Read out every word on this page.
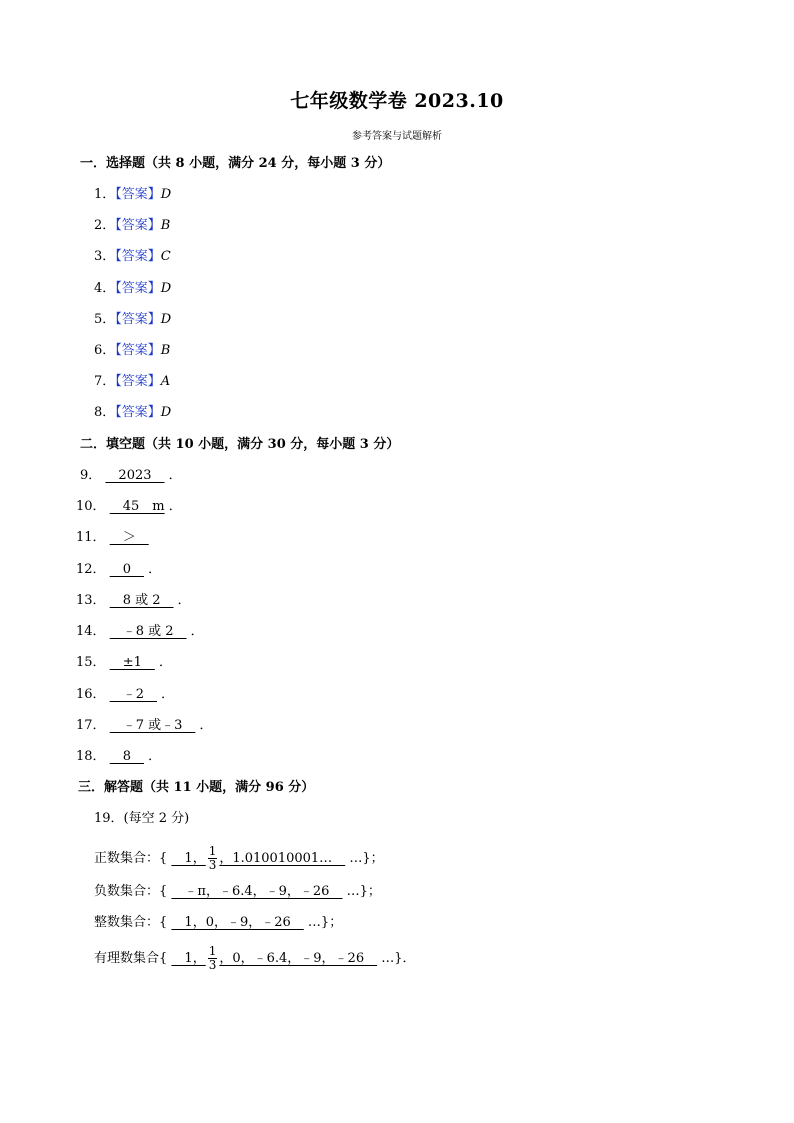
七年级数学卷 2023.10
参考答案与试题解析
一．选择题（共 8 小题，满分 24 分，每小题 3 分）
1．【答案】D
2．【答案】B
3．【答案】C
4．【答案】D
5．【答案】D
6．【答案】B
7．【答案】A
8．【答案】D
二．填空题（共 10 小题，满分 30 分，每小题 3 分）
9． 　2023　 ．
10． 　45　m ．
11． 　＞　
12． 　0　 ．
13． 　8 或 2　 ．
14． 　﹣8 或 2　 ．
15． 　±1　 ．
16． 　﹣2　 ．
17． 　﹣7 或﹣3　 ．
18． 　8　 ．
三．解答题（共 11 小题，满分 96 分）
19．(每空 2 分)
正数集合：{ 　1， $\frac{1}{3}$ ，1.010010001…　 …}；
负数集合：{ 　﹣π，﹣6.4，﹣9，﹣26　 …}；
整数集合：{ 　1，0，﹣9，﹣26　 …}；
有理数集合{ 　1， $\frac{1}{3}$ ，0，﹣6.4，﹣9，﹣26　 …}．
